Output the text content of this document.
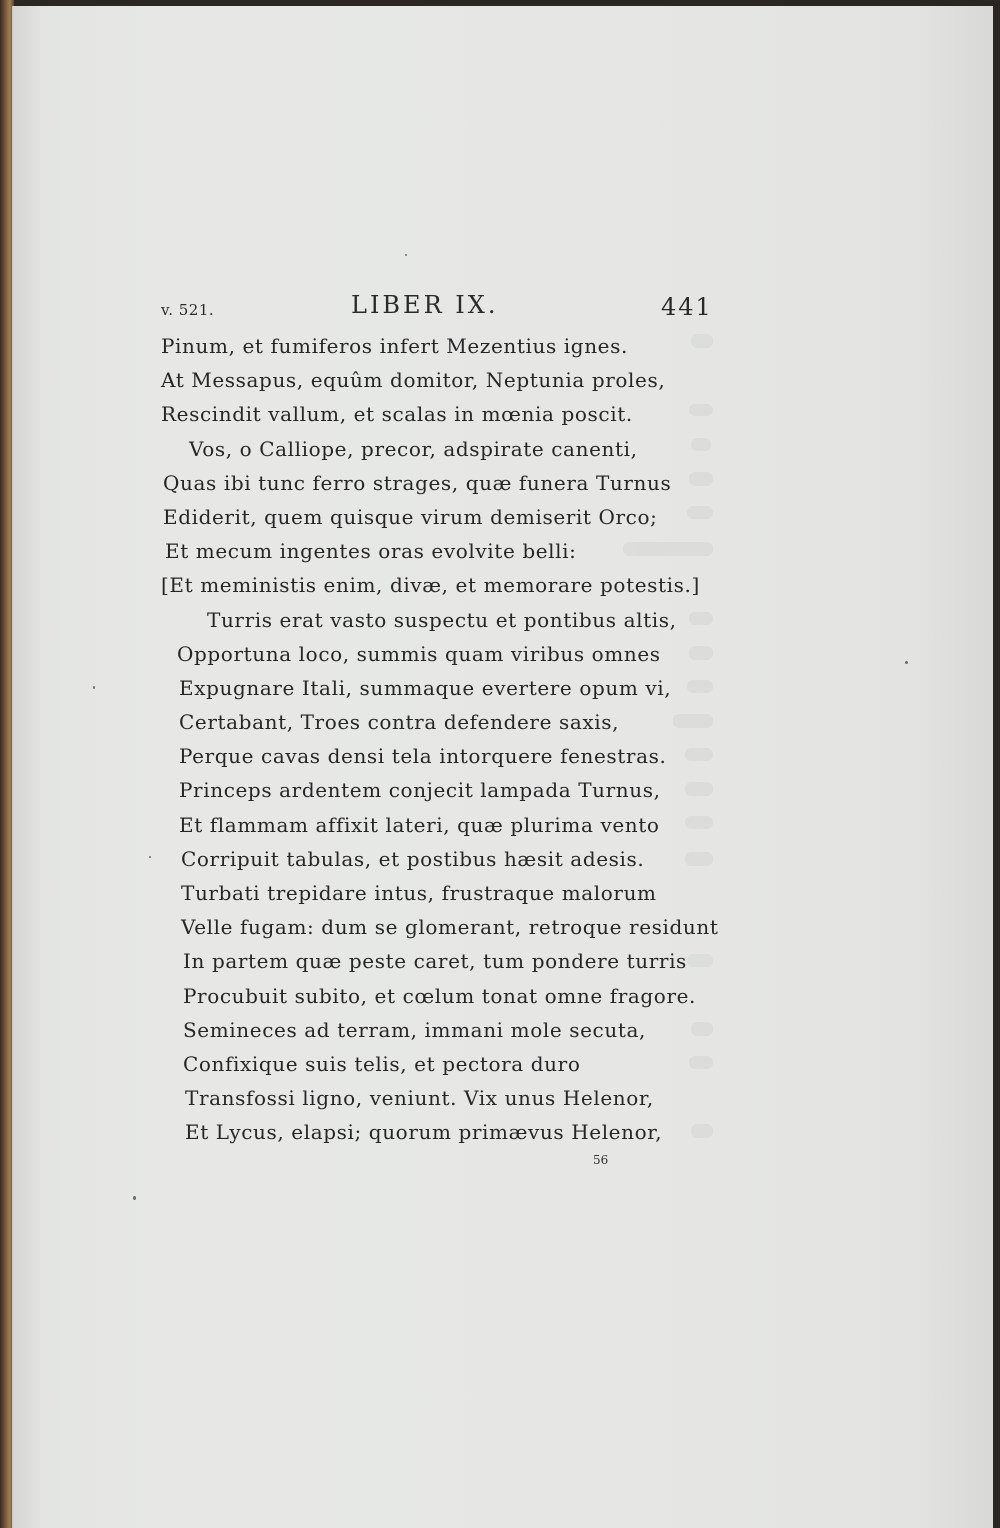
v. 521.	LIBER IX.	441
Pinum, et fumiferos infert Mezentius ignes.
At Messapus, equûm domitor, Neptunia proles,
Rescindit vallum, et scalas in mœnia poscit.
Vos, o Calliope, precor, adspirate canenti,
Quas ibi tunc ferro strages, quæ funera Turnus
Ediderit, quem quisque virum demiserit Orco;
Et mecum ingentes oras evolvite belli:
[Et meministis enim, divæ, et memorare potestis.]
Turris erat vasto suspectu et pontibus altis,
Opportuna loco, summis quam viribus omnes
Expugnare Itali, summaque evertere opum vi,
Certabant, Troes contra defendere saxis,
Perque cavas densi tela intorquere fenestras.
Princeps ardentem conjecit lampada Turnus,
Et flammam affixit lateri, quæ plurima vento
Corripuit tabulas, et postibus hæsit adesis.
Turbati trepidare intus, frustraque malorum
Velle fugam: dum se glomerant, retroque residunt
In partem quæ peste caret, tum pondere turris
Procubuit subito, et cœlum tonat omne fragore.
Semineces ad terram, immani mole secuta,
Confixique suis telis, et pectora duro
Transfossi ligno, veniunt. Vix unus Helenor,
Et Lycus, elapsi; quorum primævus Helenor,
56
